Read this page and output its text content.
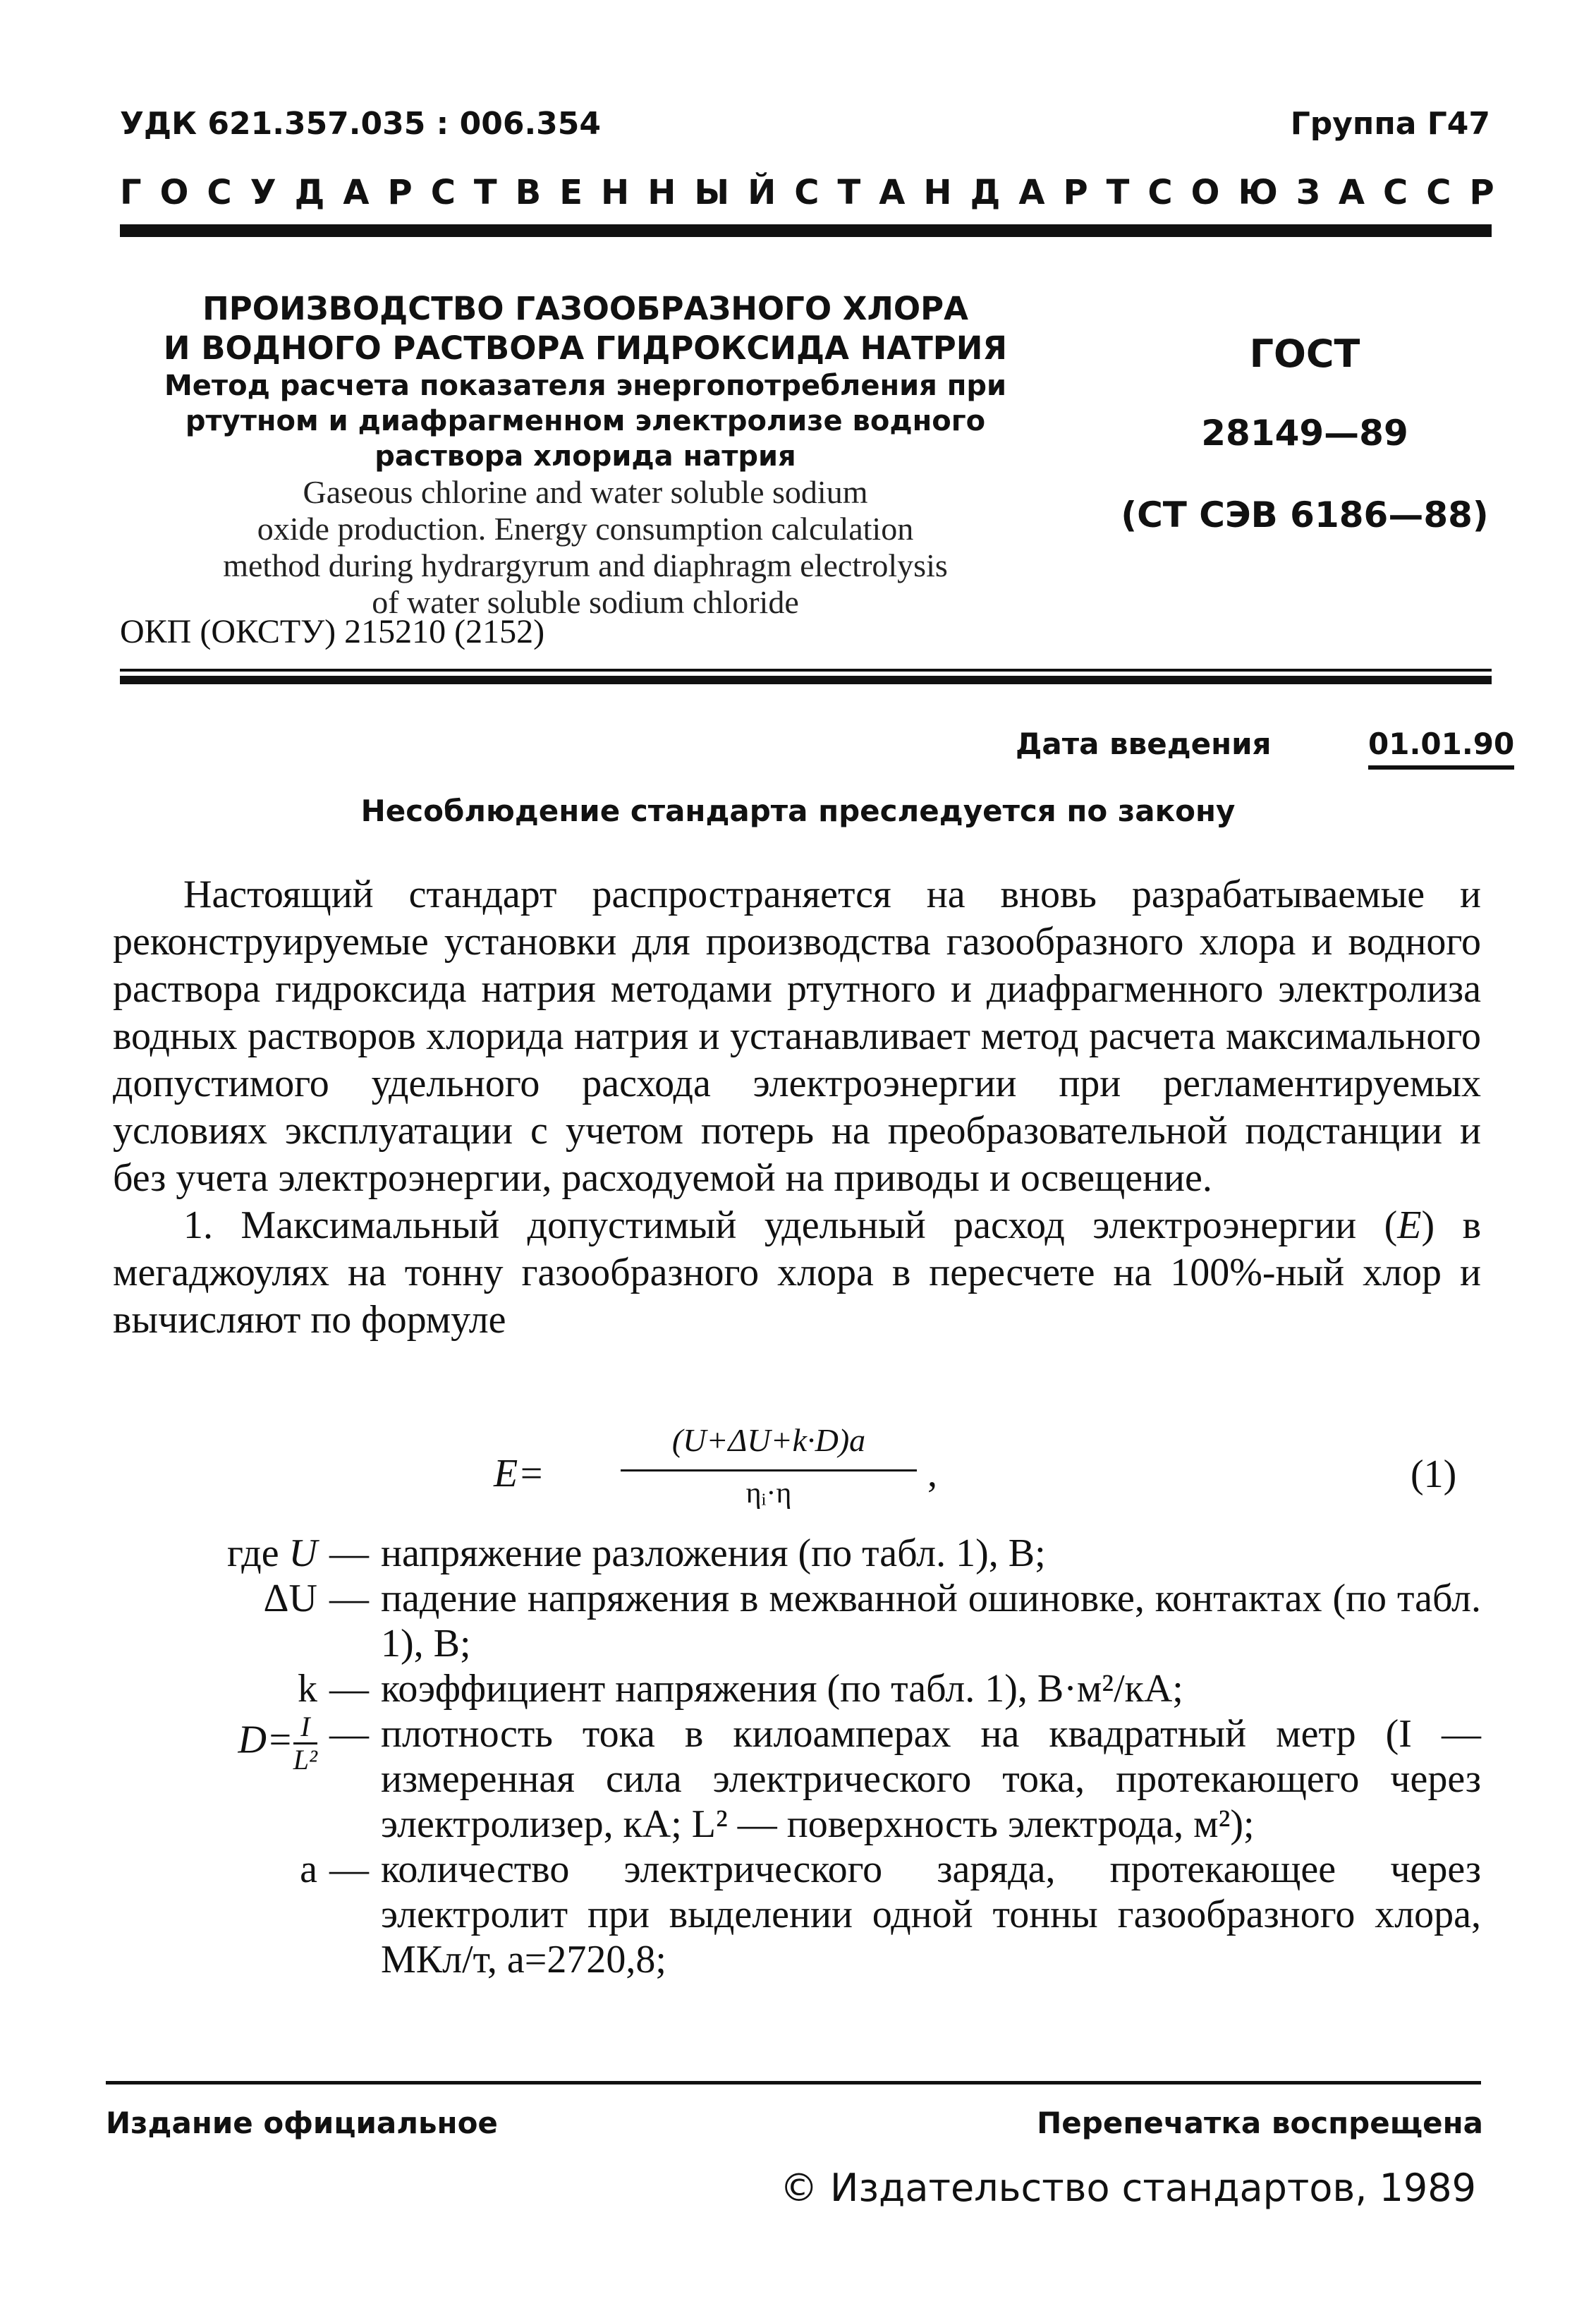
УДК 621.357.035 : 006.354	Группа Г47
ГОСУДАРСТВЕННЫЙ СТАНДАРТ СОЮЗА ССР
ПРОИЗВОДСТВО ГАЗООБРАЗНОГО ХЛОРА
И ВОДНОГО РАСТВОРА ГИДРОКСИДА НАТРИЯ
Метод расчета показателя энергопотребления при
ртутном и диафрагменном электролизе водного
раствора хлорида натрия
Gaseous chlorine and water soluble sodium
oxide production. Energy consumption calculation
method during hydrargyrum and diaphragm electrolysis
of water soluble sodium chloride
ОКП (ОКСТУ) 215210 (2152)
ГОСТ
28149—89
(СТ СЭВ 6186—88)
Дата введения	01.01.90
Несоблюдение стандарта преследуется по закону

Настоящий стандарт распространяется на вновь разрабатываемые и реконструируемые установки для производства газообразного хлора и водного раствора гидроксида натрия методами ртутного и диафрагменного электролиза водных растворов хлорида натрия и устанавливает метод расчета максимального допустимого удельного расхода электроэнергии при регламентируемых условиях эксплуатации с учетом потерь на преобразовательной подстанции и без учета электроэнергии, расходуемой на приводы и освещение.

1. Максимальный допустимый удельный расход электроэнергии (E) в мегаджоулях на тонну газообразного хлора в пересчете на 100%-ный хлор и вычисляют по формуле

E=
(U+ΔU+k·D)a
ηᵢ·η	,	(1)
где U — напряжение разложения (по табл. 1), В;
ΔU — падение напряжения в межванной ошиновке, контактах (по табл. 1), В;
k — коэффициент напряжения (по табл. 1), В·м²/кА;
$D= \frac{I}{\text{L²}}$ — плотность тока в килоамперах на квадратный метр (I — измеренная сила электрического тока, протекающего через электролизер, кА; L² — поверхность электрода, м²);
a — количество электрического заряда, протекающее через электролит при выделении одной тонны газообразного хлора, МКл/т, a=2720,8;
Издание официальное	Перепечатка воспрещена
© Издательство стандартов, 1989
